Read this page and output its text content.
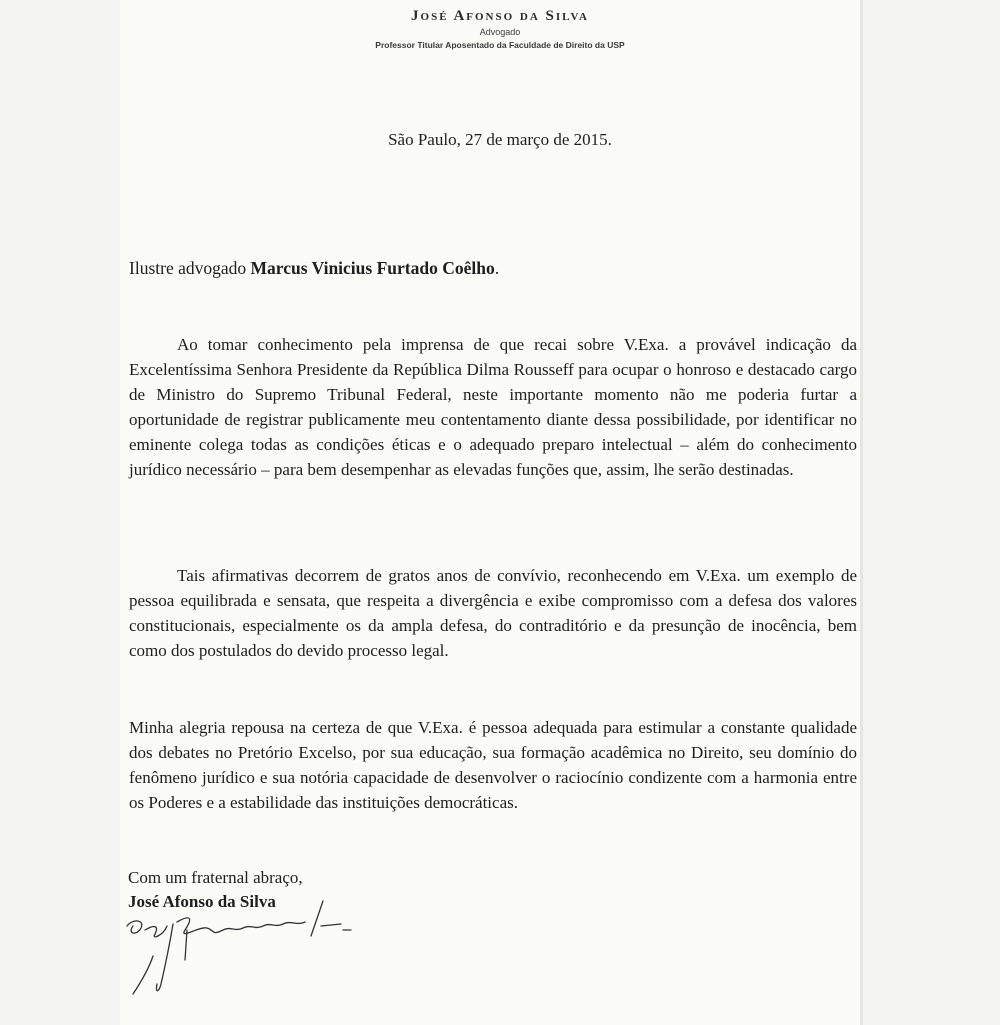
José Afonso da Silva
Advogado
Professor Titular Aposentado da Faculdade de Direito da USP
São Paulo, 27 de março de 2015.
Ilustre advogado Marcus Vinicius Furtado Coêlho.
Ao tomar conhecimento pela imprensa de que recai sobre V.Exa. a provável indicação da Excelentíssima Senhora Presidente da República Dilma Rousseff para ocupar o honroso e destacado cargo de Ministro do Supremo Tribunal Federal, neste importante momento não me poderia furtar a oportunidade de registrar publicamente meu contentamento diante dessa possibilidade, por identificar no eminente colega todas as condições éticas e o adequado preparo intelectual – além do conhecimento jurídico necessário – para bem desempenhar as elevadas funções que, assim, lhe serão destinadas.
Tais afirmativas decorrem de gratos anos de convívio, reconhecendo em V.Exa. um exemplo de pessoa equilibrada e sensata, que respeita a divergência e exibe compromisso com a defesa dos valores constitucionais, especialmente os da ampla defesa, do contraditório e da presunção de inocência, bem como dos postulados do devido processo legal.
Minha alegria repousa na certeza de que V.Exa. é pessoa adequada para estimular a constante qualidade dos debates no Pretório Excelso, por sua educação, sua formação acadêmica no Direito, seu domínio do fenômeno jurídico e sua notória capacidade de desenvolver o raciocínio condizente com a harmonia entre os Poderes e a estabilidade das instituições democráticas.
Com um fraternal abraço,
José Afonso da Silva
